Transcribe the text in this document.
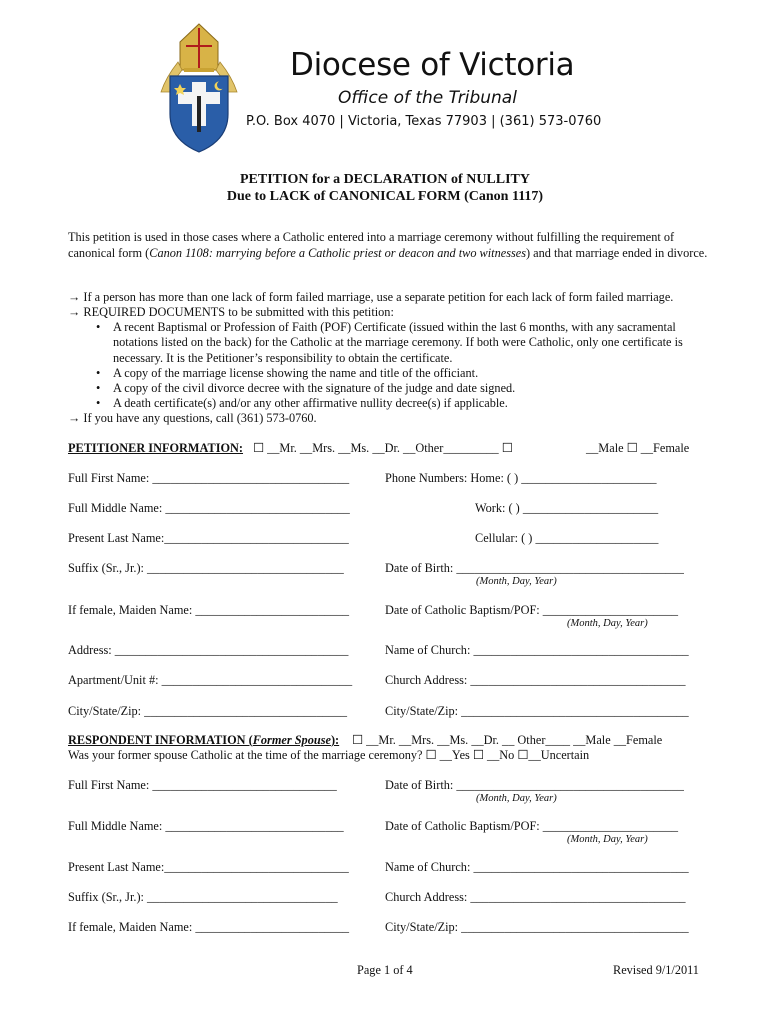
Diocese of Victoria
Office of the Tribunal
P.O. Box 4070 | Victoria, Texas 77903 | (361) 573-0760
PETITION for a DECLARATION of NULLITY
Due to LACK of CANONICAL FORM (Canon 1117)
This petition is used in those cases where a Catholic entered into a marriage ceremony without fulfilling the requirement of canonical form (Canon 1108: marrying before a Catholic priest or deacon and two witnesses) and that marriage ended in divorce.
→ If a person has more than one lack of form failed marriage, use a separate petition for each lack of form failed marriage.
→ REQUIRED DOCUMENTS to be submitted with this petition:
• A recent Baptismal or Profession of Faith (POF) Certificate (issued within the last 6 months, with any sacramental notations listed on the back) for the Catholic at the marriage ceremony. If both were Catholic, only one certificate is necessary. It is the Petitioner’s responsibility to obtain the certificate.
• A copy of the marriage license showing the name and title of the officiant.
• A copy of the civil divorce decree with the signature of the judge and date signed.
• A death certificate(s) and/or any other affirmative nullity decree(s) if applicable.
→ If you have any questions, call (361) 573-0760.
PETITIONER INFORMATION: ☐ __Mr. __Mrs. __Ms. __Dr. __Other_________ ☐	__Male ☐ __Female
Full First Name: ________________________________
Full Middle Name: ______________________________
Present Last Name:______________________________
Suffix (Sr., Jr.): ________________________________
If female, Maiden Name: _________________________
Address: ______________________________________
Apartment/Unit #: _______________________________
City/State/Zip: _________________________________
Phone Numbers: Home: ( ) ______________________
Work: ( ) ______________________
Cellular: ( ) ____________________
Date of Birth: _____________________________________
(Month, Day, Year)
Date of Catholic Baptism/POF: ______________________
(Month, Day, Year)
Name of Church: ___________________________________
Church Address: ___________________________________
City/State/Zip: _____________________________________
RESPONDENT INFORMATION (Former Spouse): ☐ __Mr. __Mrs. __Ms. __Dr. __ Other____ __Male __Female
Was your former spouse Catholic at the time of the marriage ceremony? ☐ __Yes ☐ __No ☐__Uncertain
Full First Name: ______________________________
Full Middle Name: _____________________________
Present Last Name:______________________________
Suffix (Sr., Jr.): _______________________________
If female, Maiden Name: _________________________
Date of Birth: _____________________________________
(Month, Day, Year)
Date of Catholic Baptism/POF: ______________________
(Month, Day, Year)
Name of Church: ___________________________________
Church Address: ___________________________________
City/State/Zip: _____________________________________
Page 1 of 4	Revised 9/1/2011
